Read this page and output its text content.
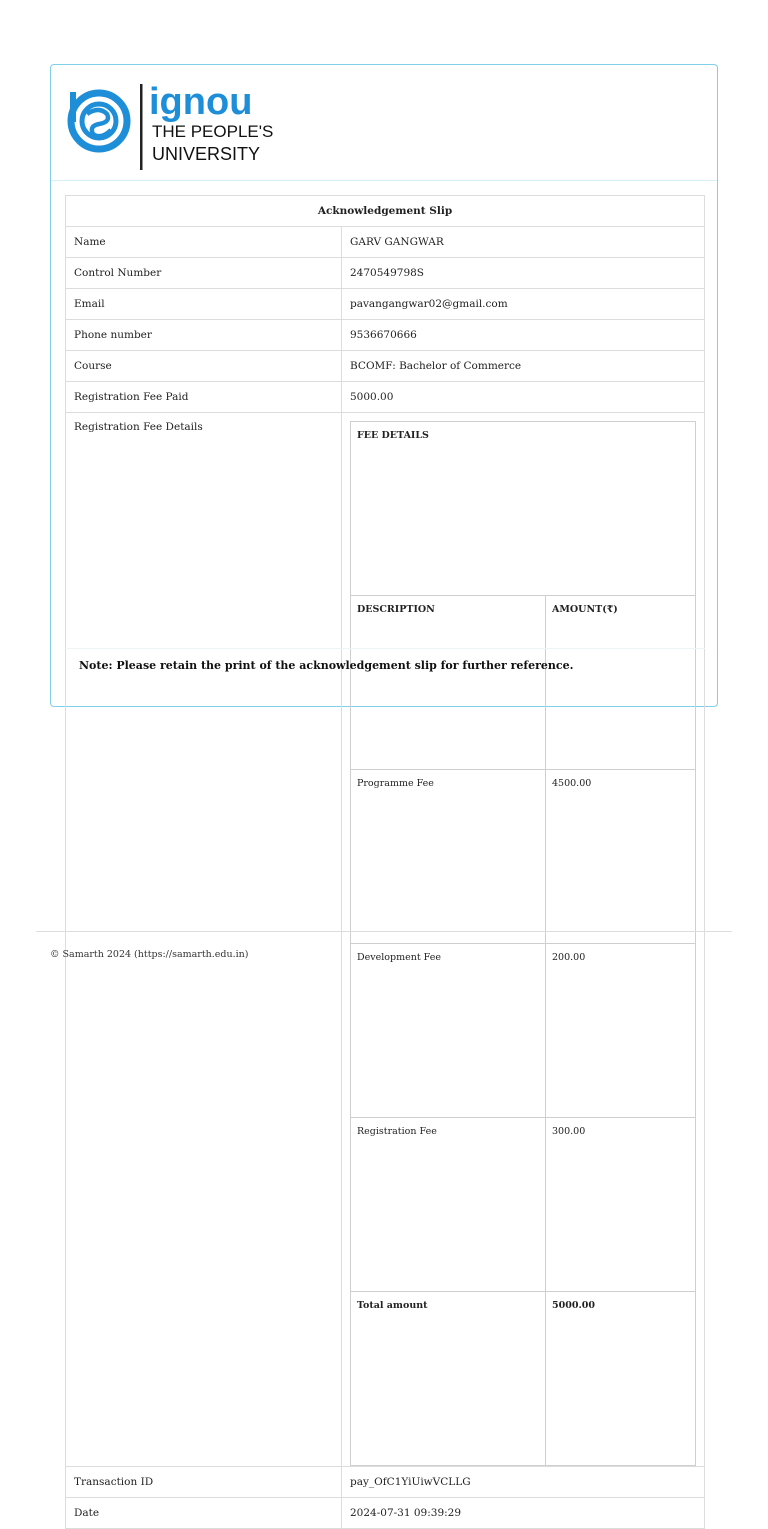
ignou
THE PEOPLE'S
UNIVERSITY
Acknowledgement Slip
Name	GARV GANGWAR
Control Number	2470549798S
Email	pavangangwar02@gmail.com
Phone number	9536670666
Course	BCOMF: Bachelor of Commerce
Registration Fee Paid	5000.00
Registration Fee Details	
FEE DETAILS
DESCRIPTION	AMOUNT(₹)
Programme Fee	4500.00
Development Fee	200.00
Registration Fee	300.00
Total amount	5000.00

Transaction ID	pay_OfC1YiUiwVCLLG
Date	2024-07-31 09:39:29
Note: Please retain the print of the acknowledgement slip for further reference.
© Samarth 2024 (https://samarth.edu.in)
